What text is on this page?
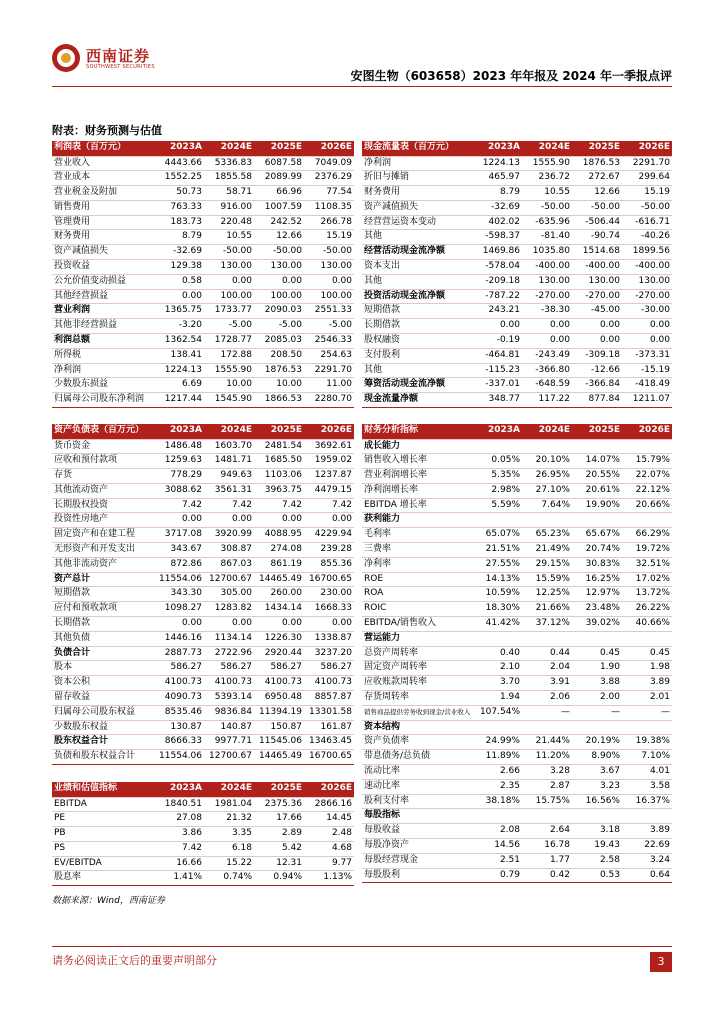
西南证券
SOUTHWEST SECURITIES
安图生物（603658）2023 年年报及 2024 年一季报点评
附表：财务预测与估值
利润表（百万元）	2023A	2024E	2025E	2026E
营业收入	4443.66	5336.83	6087.58	7049.09
营业成本	1552.25	1855.58	2089.99	2376.29
营业税金及附加	50.73	58.71	66.96	77.54
销售费用	763.33	916.00	1007.59	1108.35
管理费用	183.73	220.48	242.52	266.78
财务费用	8.79	10.55	12.66	15.19
资产减值损失	-32.69	-50.00	-50.00	-50.00
投资收益	129.38	130.00	130.00	130.00
公允价值变动损益	0.58	0.00	0.00	0.00
其他经营损益	0.00	100.00	100.00	100.00
营业利润	1365.75	1733.77	2090.03	2551.33
其他非经营损益	-3.20	-5.00	-5.00	-5.00
利润总额	1362.54	1728.77	2085.03	2546.33
所得税	138.41	172.88	208.50	254.63
净利润	1224.13	1555.90	1876.53	2291.70
少数股东损益	6.69	10.00	10.00	11.00
归属母公司股东净利润	1217.44	1545.90	1866.53	2280.70
现金流量表（百万元）	2023A	2024E	2025E	2026E
净利润	1224.13	1555.90	1876.53	2291.70
折旧与摊销	465.97	236.72	272.67	299.64
财务费用	8.79	10.55	12.66	15.19
资产减值损失	-32.69	-50.00	-50.00	-50.00
经营营运资本变动	402.02	-635.96	-506.44	-616.71
其他	-598.37	-81.40	-90.74	-40.26
经营活动现金流净额	1469.86	1035.80	1514.68	1899.56
资本支出	-578.04	-400.00	-400.00	-400.00
其他	-209.18	130.00	130.00	130.00
投资活动现金流净额	-787.22	-270.00	-270.00	-270.00
短期借款	243.21	-38.30	-45.00	-30.00
长期借款	0.00	0.00	0.00	0.00
股权融资	-0.19	0.00	0.00	0.00
支付股利	-464.81	-243.49	-309.18	-373.31
其他	-115.23	-366.80	-12.66	-15.19
筹资活动现金流净额	-337.01	-648.59	-366.84	-418.49
现金流量净额	348.77	117.22	877.84	1211.07
资产负债表（百万元）	2023A	2024E	2025E	2026E
货币资金	1486.48	1603.70	2481.54	3692.61
应收和预付款项	1259.63	1481.71	1685.50	1959.02
存货	778.29	949.63	1103.06	1237.87
其他流动资产	3088.62	3561.31	3963.75	4479.15
长期股权投资	7.42	7.42	7.42	7.42
投资性房地产	0.00	0.00	0.00	0.00
固定资产和在建工程	3717.08	3920.99	4088.95	4229.94
无形资产和开发支出	343.67	308.87	274.08	239.28
其他非流动资产	872.86	867.03	861.19	855.36
资产总计	11554.06	12700.67	14465.49	16700.65
短期借款	343.30	305.00	260.00	230.00
应付和预收款项	1098.27	1283.82	1434.14	1668.33
长期借款	0.00	0.00	0.00	0.00
其他负债	1446.16	1134.14	1226.30	1338.87
负债合计	2887.73	2722.96	2920.44	3237.20
股本	586.27	586.27	586.27	586.27
资本公积	4100.73	4100.73	4100.73	4100.73
留存收益	4090.73	5393.14	6950.48	8857.87
归属母公司股东权益	8535.46	9836.84	11394.19	13301.58
少数股东权益	130.87	140.87	150.87	161.87
股东权益合计	8666.33	9977.71	11545.06	13463.45
负债和股东权益合计	11554.06	12700.67	14465.49	16700.65
财务分析指标	2023A	2024E	2025E	2026E
成长能力				
销售收入增长率	0.05%	20.10%	14.07%	15.79%
营业利润增长率	5.35%	26.95%	20.55%	22.07%
净利润增长率	2.98%	27.10%	20.61%	22.12%
EBITDA 增长率	5.59%	7.64%	19.90%	20.66%
获利能力				
毛利率	65.07%	65.23%	65.67%	66.29%
三费率	21.51%	21.49%	20.74%	19.72%
净利率	27.55%	29.15%	30.83%	32.51%
ROE	14.13%	15.59%	16.25%	17.02%
ROA	10.59%	12.25%	12.97%	13.72%
ROIC	18.30%	21.66%	23.48%	26.22%
EBITDA/销售收入	41.42%	37.12%	39.02%	40.66%
营运能力				
总资产周转率	0.40	0.44	0.45	0.45
固定资产周转率	2.10	2.04	1.90	1.98
应收账款周转率	3.70	3.91	3.88	3.89
存货周转率	1.94	2.06	2.00	2.01
销售商品提供劳务收到现金/营业收入	107.54%	—	—	—
资本结构				
资产负债率	24.99%	21.44%	20.19%	19.38%
带息债务/总负债	11.89%	11.20%	8.90%	7.10%
流动比率	2.66	3.28	3.67	4.01
速动比率	2.35	2.87	3.23	3.58
股利支付率	38.18%	15.75%	16.56%	16.37%
每股指标				
每股收益	2.08	2.64	3.18	3.89
每股净资产	14.56	16.78	19.43	22.69
每股经营现金	2.51	1.77	2.58	3.24
每股股利	0.79	0.42	0.53	0.64
业绩和估值指标	2023A	2024E	2025E	2026E
EBITDA	1840.51	1981.04	2375.36	2866.16
PE	27.08	21.32	17.66	14.45
PB	3.86	3.35	2.89	2.48
PS	7.42	6.18	5.42	4.68
EV/EBITDA	16.66	15.22	12.31	9.77
股息率	1.41%	0.74%	0.94%	1.13%
数据来源：Wind，西南证券
请务必阅读正文后的重要声明部分	3
